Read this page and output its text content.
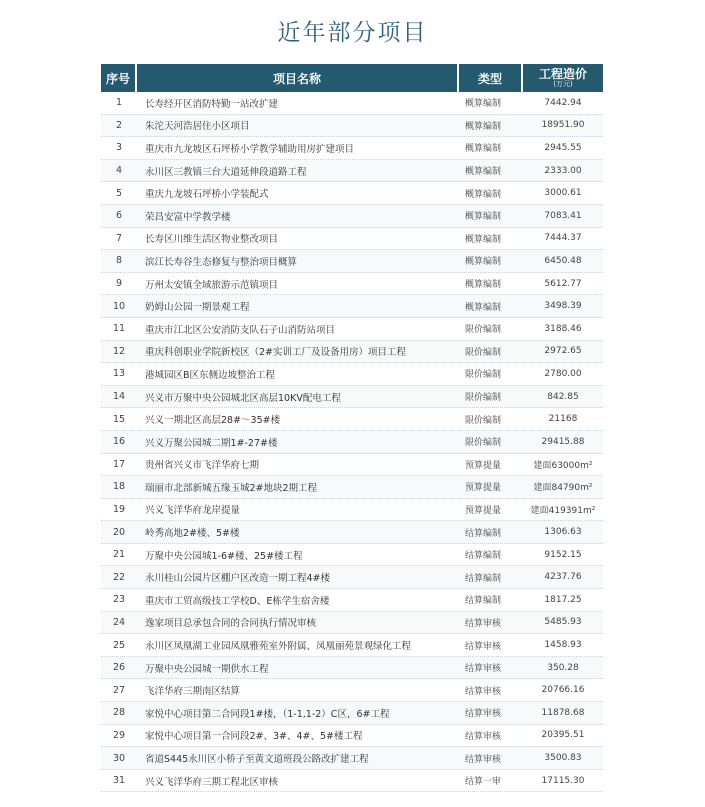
近年部分项目
序号	项目名称	类型	工程造价
(万元)
1	长寿经开区消防特勤一站改扩建	概算编制	7442.94
2	朱沱天河浩居住小区项目	概算编制	18951.90
3	重庆市九龙坡区石坪桥小学教学辅助用房扩建项目	概算编制	2945.55
4	永川区三教镇三台大道延伸段道路工程	概算编制	2333.00
5	重庆九龙坡石坪桥小学装配式	概算编制	3000.61
6	荣昌安富中学教学楼	概算编制	7083.41
7	长寿区川维生活区物业整改项目	概算编制	7444.37
8	滨江长寿谷生态修复与整治项目概算	概算编制	6450.48
9	万州太安镇全域旅游示范镇项目	概算编制	5612.77
10	奶姆山公园一期景观工程	概算编制	3498.39
11	重庆市江北区公安消防支队石子山消防站项目	限价编制	3188.46
12	重庆科创职业学院新校区（2#实训工厂及设备用房）项目工程	限价编制	2972.65
13	港城园区B区东侧边坡整治工程	限价编制	2780.00
14	兴义市万聚中央公园城北区高层10KV配电工程	限价编制	842.85
15	兴义一期北区高层28#～35#楼	限价编制	21168
16	兴义万聚公园城二期1#-27#楼	限价编制	29415.88
17	贵州省兴义市飞洋华府七期	预算提量	建面63000m²
18	瑞丽市北部新城五缘玉城2#地块2期工程	预算提量	建面84790m²
19	兴义飞洋华府龙岸提量	预算提量	建面419391m²
20	岭秀高地2#楼、5#楼	结算编制	1306.63
21	万聚中央公园城1-6#楼、25#楼工程	结算编制	9152.15
22	永川桂山公园片区棚户区改造一期工程4#楼	结算编制	4237.76
23	重庆市工贸高级技工学校D、E栋学生宿舍楼	结算编制	1817.25
24	逸家项目总承包合同的合同执行情况审核	结算审核	5485.93
25	永川区凤凰湖工业园凤凰雅苑室外附属、凤凰丽苑景观绿化工程	结算审核	1458.93
26	万聚中央公园城一期供水工程	结算审核	350.28
27	飞洋华府三期南区结算	结算审核	20766.16
28	家悦中心项目第二合同段1#楼，（1-1,1-2）C区，6#工程	结算审核	11878.68
29	家悦中心项目第一合同段2#、3#、4#、5#楼工程	结算审核	20395.51
30	省道S445永川区小桥子至黄文道班段公路改扩建工程	结算审核	3500.83
31	兴义飞洋华府三期工程北区审核	结算一审	17115.30
